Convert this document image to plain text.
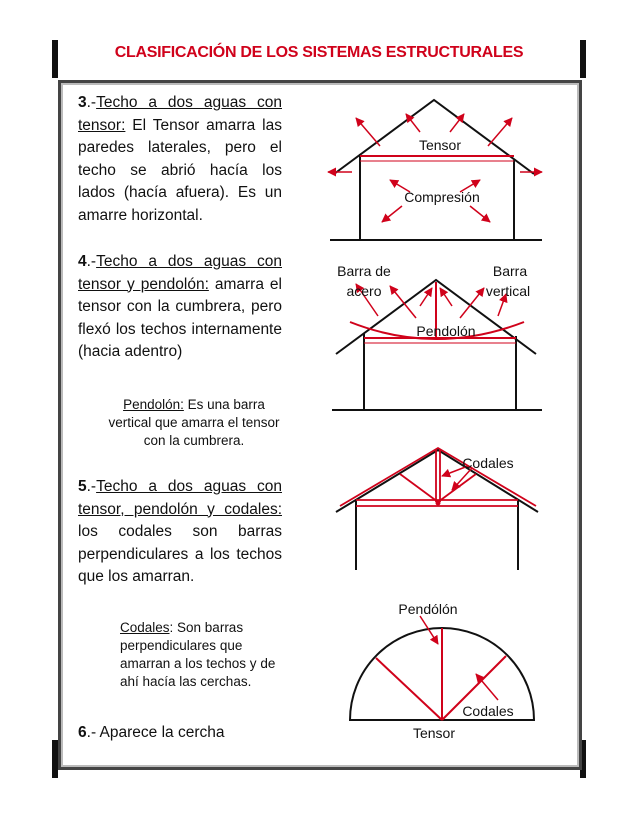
CLASIFICACIÓN DE LOS SISTEMAS ESTRUCTURALES
3.-Techo a dos aguas con tensor: El Tensor amarra las paredes laterales, pero el techo se abrió hacía los lados (hacía afuera). Es un amarre horizontal.
4.-Techo a dos aguas con tensor y pendolón: amarra el tensor con la cumbrera, pero flexó los techos internamente (hacia adentro)
Pendolón: Es una barra vertical que amarra el tensor con la cumbrera.
5.-Techo a dos aguas con tensor, pendolón y codales: los codales son barras perpendiculares a los techos que los amarran.
Codales: Son barras perpendiculares que amarran a los techos y de ahí hacía las cerchas.
6.- Aparece la cercha
Tensor
Compresión
Barra de
acero
Barra
vertical
Pendolón
Codales
Pendólón
Codales
Tensor
